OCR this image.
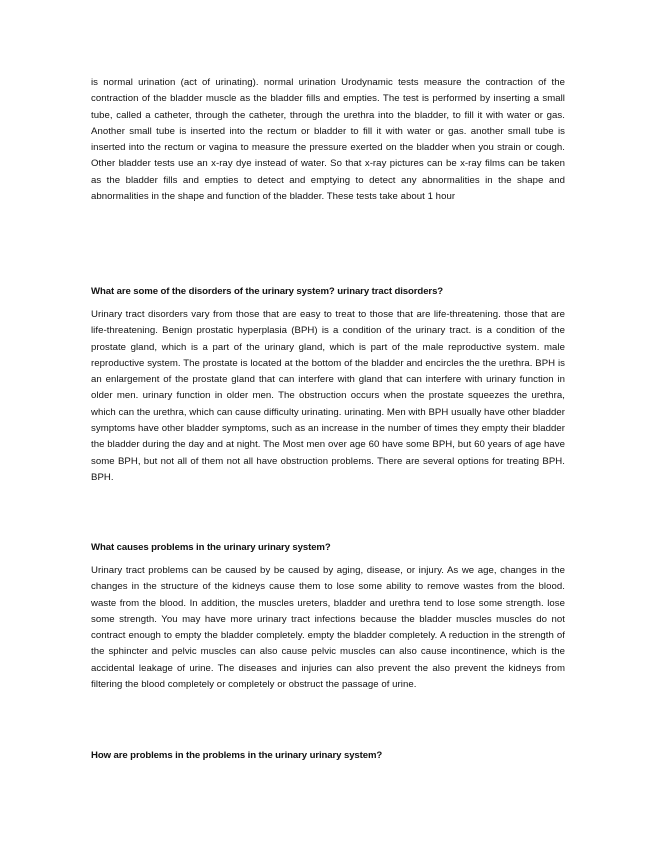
is normal urination (act of urinating). normal urination Urodynamic tests measure the contraction of the contraction of the bladder muscle as the bladder fills and empties. The test is performed by inserting a small tube, called a catheter, through the catheter, through the urethra into the bladder, to fill it with water or gas. Another small tube is inserted into the rectum or bladder to fill it with water or gas. another small tube is inserted into the rectum or vagina to measure the pressure exerted on the bladder when you strain or cough. Other bladder tests use an x-ray dye instead of water. So that x-ray pictures can be x-ray films can be taken as the bladder fills and empties to detect and emptying to detect any abnormalities in the shape and abnormalities in the shape and function of the bladder. These tests take about 1 hour

What are some of the disorders of the urinary system? urinary tract disorders?

Urinary tract disorders vary from those that are easy to treat to those that are life-threatening. those that are life-threatening. Benign prostatic hyperplasia (BPH) is a condition of the urinary tract. is a condition of the prostate gland, which is a part of the urinary gland, which is part of the male reproductive system. male reproductive system. The prostate is located at the bottom of the bladder and encircles the the urethra. BPH is an enlargement of the prostate gland that can interfere with gland that can interfere with urinary function in older men. urinary function in older men. The obstruction occurs when the prostate squeezes the urethra, which can the urethra, which can cause difficulty urinating. urinating. Men with BPH usually have other bladder symptoms have other bladder symptoms, such as an increase in the number of times they empty their bladder the bladder during the day and at night. The Most men over age 60 have some BPH, but 60 years of age have some BPH, but not all of them not all have obstruction problems. There are several options for treating BPH. BPH.

What causes problems in the urinary urinary system?

Urinary tract problems can be caused by be caused by aging, disease, or injury. As we age, changes in the changes in the structure of the kidneys cause them to lose some ability to remove wastes from the blood. waste from the blood. In addition, the muscles ureters, bladder and urethra tend to lose some strength. lose some strength. You may have more urinary tract infections because the bladder muscles muscles do not contract enough to empty the bladder completely. empty the bladder completely. A reduction in the strength of the sphincter and pelvic muscles can also cause pelvic muscles can also cause incontinence, which is the accidental leakage of urine. The diseases and injuries can also prevent the also prevent the kidneys from filtering the blood completely or completely or obstruct the passage of urine.

How are problems in the problems in the urinary urinary system?
